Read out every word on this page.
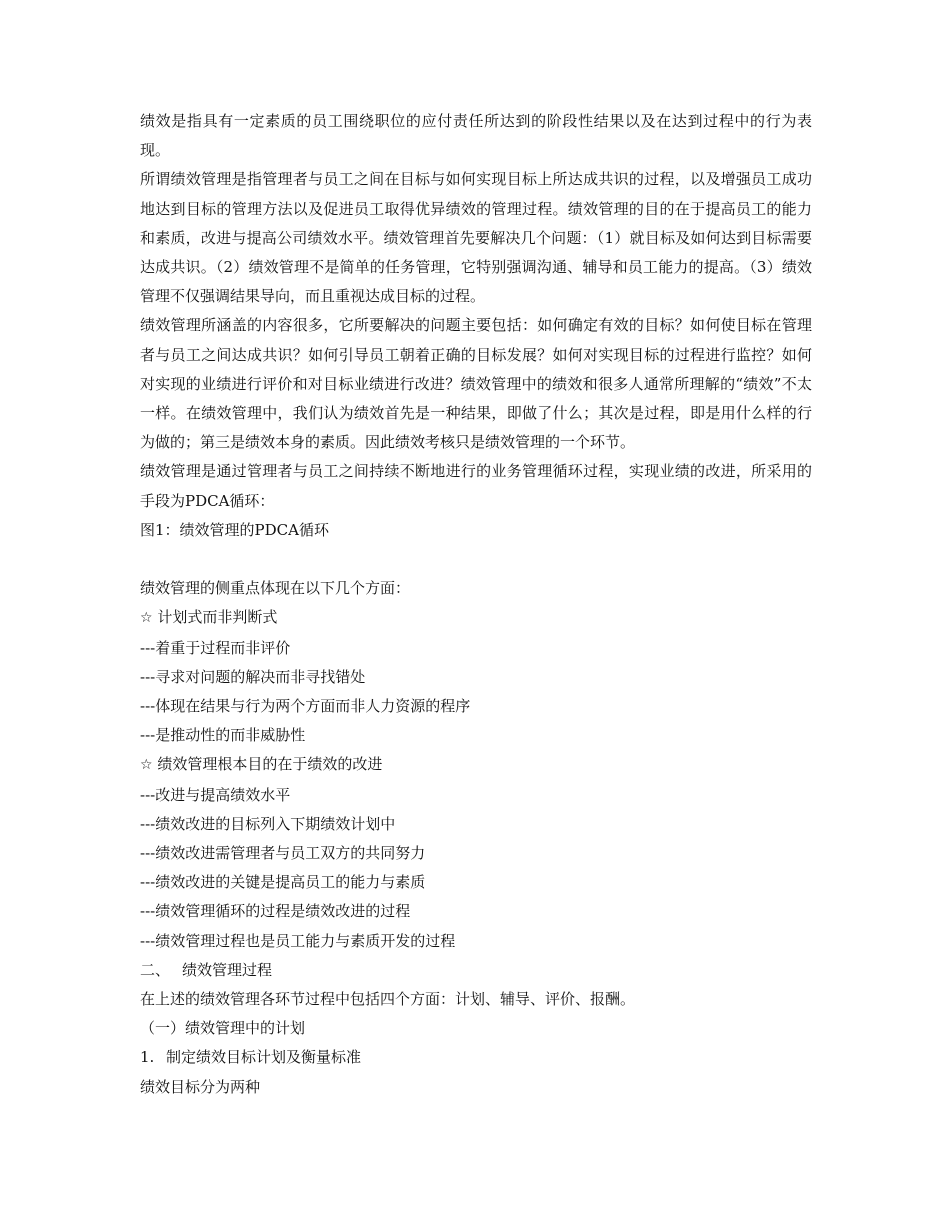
绩效是指具有一定素质的员工围绕职位的应付责任所达到的阶段性结果以及在达到过程中的行为表现。

所谓绩效管理是指管理者与员工之间在目标与如何实现目标上所达成共识的过程，以及增强员工成功地达到目标的管理方法以及促进员工取得优异绩效的管理过程。绩效管理的目的在于提高员工的能力和素质，改进与提高公司绩效水平。绩效管理首先要解决几个问题：（1）就目标及如何达到目标需要达成共识。（2）绩效管理不是简单的任务管理，它特别强调沟通、辅导和员工能力的提高。（3）绩效管理不仅强调结果导向，而且重视达成目标的过程。

绩效管理所涵盖的内容很多，它所要解决的问题主要包括：如何确定有效的目标？如何使目标在管理者与员工之间达成共识？如何引导员工朝着正确的目标发展？如何对实现目标的过程进行监控？如何对实现的业绩进行评价和对目标业绩进行改进？绩效管理中的绩效和很多人通常所理解的“绩效”不太一样。在绩效管理中，我们认为绩效首先是一种结果，即做了什么；其次是过程，即是用什么样的行为做的；第三是绩效本身的素质。因此绩效考核只是绩效管理的一个环节。

绩效管理是通过管理者与员工之间持续不断地进行的业务管理循环过程，实现业绩的改进，所采用的手段为PDCA循环：

图1：绩效管理的PDCA循环

绩效管理的侧重点体现在以下几个方面：

☆ 计划式而非判断式

---着重于过程而非评价

---寻求对问题的解决而非寻找错处

---体现在结果与行为两个方面而非人力资源的程序

---是推动性的而非威胁性

☆ 绩效管理根本目的在于绩效的改进

---改进与提高绩效水平

---绩效改进的目标列入下期绩效计划中

---绩效改进需管理者与员工双方的共同努力

---绩效改进的关键是提高员工的能力与素质

---绩效管理循环的过程是绩效改进的过程

---绩效管理过程也是员工能力与素质开发的过程

二、 绩效管理过程

在上述的绩效管理各环节过程中包括四个方面：计划、辅导、评价、报酬。

（一）绩效管理中的计划

1. 制定绩效目标计划及衡量标准

绩效目标分为两种
